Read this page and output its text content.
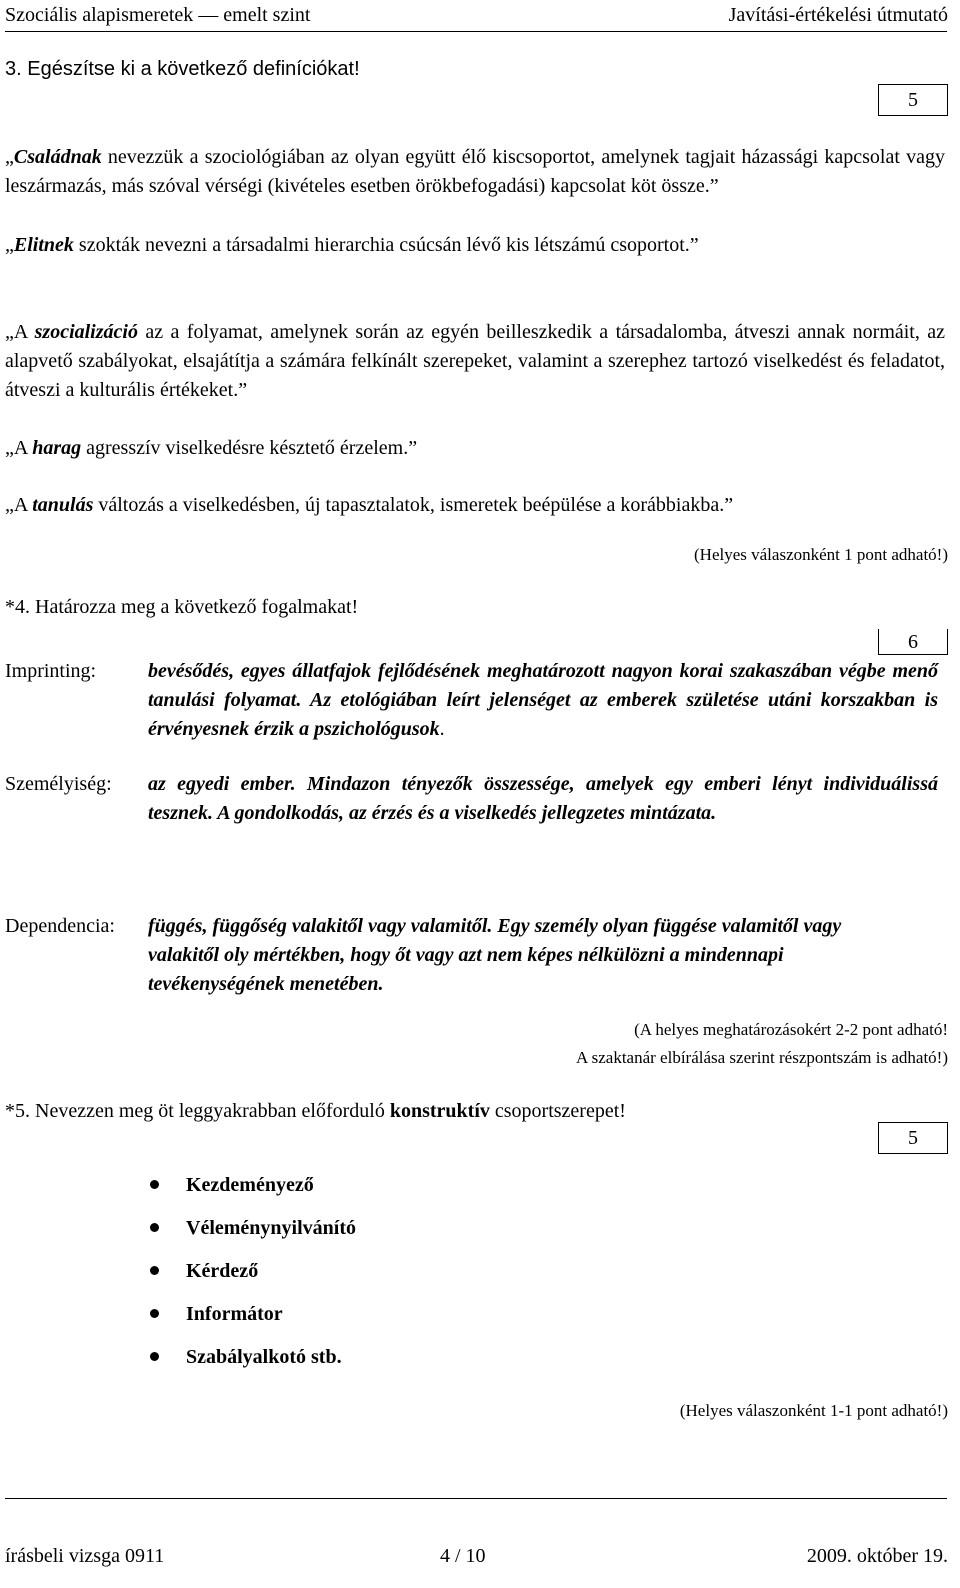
Szociális alapismeretek — emelt szint	Javítási-értékelési útmutató
3. Egészítse ki a következő definíciókat!
5
„Családnak nevezzük a szociológiában az olyan együtt élő kiscsoportot, amelynek tagjait házassági kapcsolat vagy leszármazás, más szóval vérségi (kivételes esetben örökbefogadási) kapcsolat köt össze.”
„Elitnek szokták nevezni a társadalmi hierarchia csúcsán lévő kis létszámú csoportot.”
„A szocializáció az a folyamat, amelynek során az egyén beilleszkedik a társadalomba, átveszi annak normáit, az alapvető szabályokat, elsajátítja a számára felkínált szerepeket, valamint a szerephez tartozó viselkedést és feladatot, átveszi a kulturális értékeket.”
„A harag agresszív viselkedésre késztető érzelem.”
„A tanulás változás a viselkedésben, új tapasztalatok, ismeretek beépülése a korábbiakba.”
(Helyes válaszonként 1 pont adható!)
*4. Határozza meg a következő fogalmakat!
6
Imprinting:	bevésődés, egyes állatfajok fejlődésének meghatározott nagyon korai szakaszában végbe menő tanulási folyamat. Az etológiában leírt jelenséget az emberek születése utáni korszakban is érvényesnek érzik a pszichológusok.
Személyiség: az egyedi ember. Mindazon tényezők összessége, amelyek egy emberi lényt individuálissá tesznek. A gondolkodás, az érzés és a viselkedés jellegzetes mintázata.
Dependencia: függés, függőség valakitől vagy valamitől. Egy személy olyan függése valamitől vagy valakitől oly mértékben, hogy őt vagy azt nem képes nélkülözni a mindennapi tevékenységének menetében.
(A helyes meghatározásokért 2-2 pont adható!
A szaktanár elbírálása szerint részpontszám is adható!)
*5. Nevezzen meg öt leggyakrabban előforduló konstruktív csoportszerepet!
5
Kezdeményező
Véleménynyilvánító
Kérdező
Informátor
Szabályalkotó stb.
(Helyes válaszonként 1-1 pont adható!)
írásbeli vizsga 0911	4 / 10	2009. október 19.
